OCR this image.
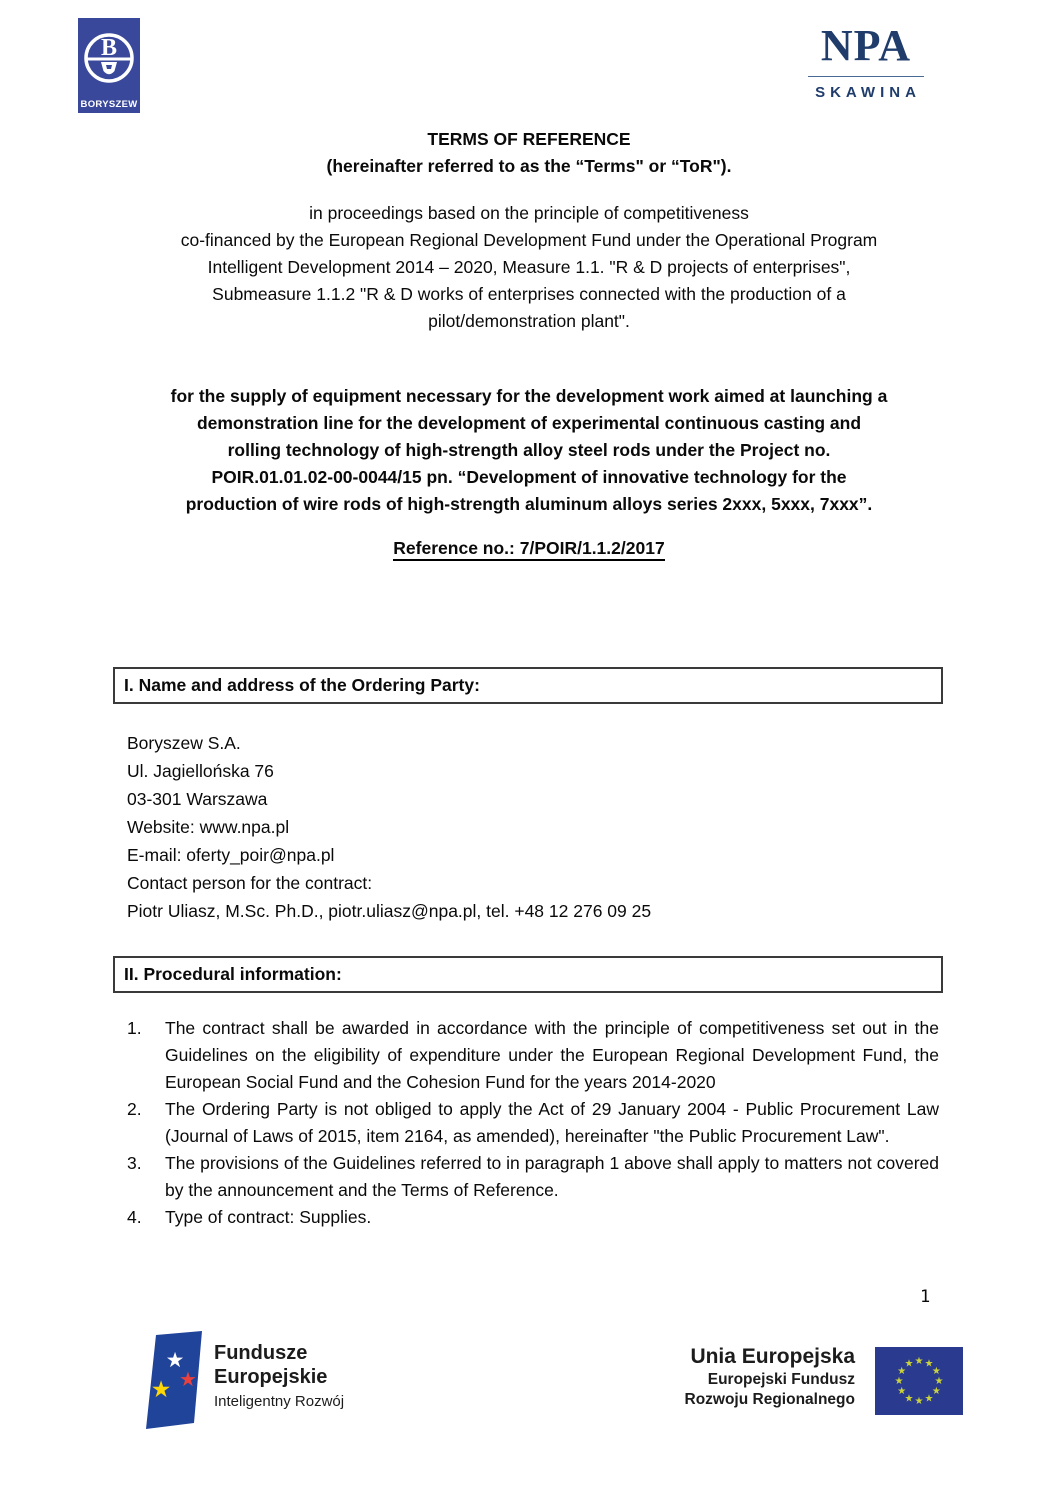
B
BORYSZEW
NPA
SKAWINA
TERMS OF REFERENCE
(hereinafter referred to as the “Terms" or “ToR").
in proceedings based on the principle of competitiveness
co-financed by the European Regional Development Fund under the Operational Program
Intelligent Development 2014 – 2020, Measure 1.1. "R & D projects of enterprises",
Submeasure 1.1.2 "R & D works of enterprises connected with the production of a
pilot/demonstration plant".
for the supply of equipment necessary for the development work aimed at launching a
demonstration line for the development of experimental continuous casting and
rolling technology of high-strength alloy steel rods under the Project no.
POIR.01.01.02-00-0044/15 pn. “Development of innovative technology for the
production of wire rods of high-strength aluminum alloys series 2xxx, 5xxx, 7xxx”.
Reference no.: 7/POIR/1.1.2/2017
I. Name and address of the Ordering Party:
Boryszew S.A.
Ul. Jagiellońska 76
03-301 Warszawa
Website: www.npa.pl
E-mail: oferty_poir@npa.pl
Contact person for the contract:
Piotr Uliasz, M.Sc. Ph.D., piotr.uliasz@npa.pl, tel. +48 12 276 09 25
II. Procedural information:
1.	The contract shall be awarded in accordance with the principle of competitiveness set out in the Guidelines on the eligibility of expenditure under the European Regional Development Fund, the European Social Fund and the Cohesion Fund for the years 2014-2020
2.	The Ordering Party is not obliged to apply the Act of 29 January 2004 - Public Procurement Law (Journal of Laws of 2015, item 2164, as amended), hereinafter "the Public Procurement Law".
3.	The provisions of the Guidelines referred to in paragraph 1 above shall apply to matters not covered by the announcement and the Terms of Reference.
4.	Type of contract: Supplies.
1
★
★
★
Fundusze
Europejskie
Inteligentny Rozwój
Unia Europejska
Europejski Fundusz
Rozwoju Regionalnego
★ ★
★
★
★
★
★
★
★
★
★
★
